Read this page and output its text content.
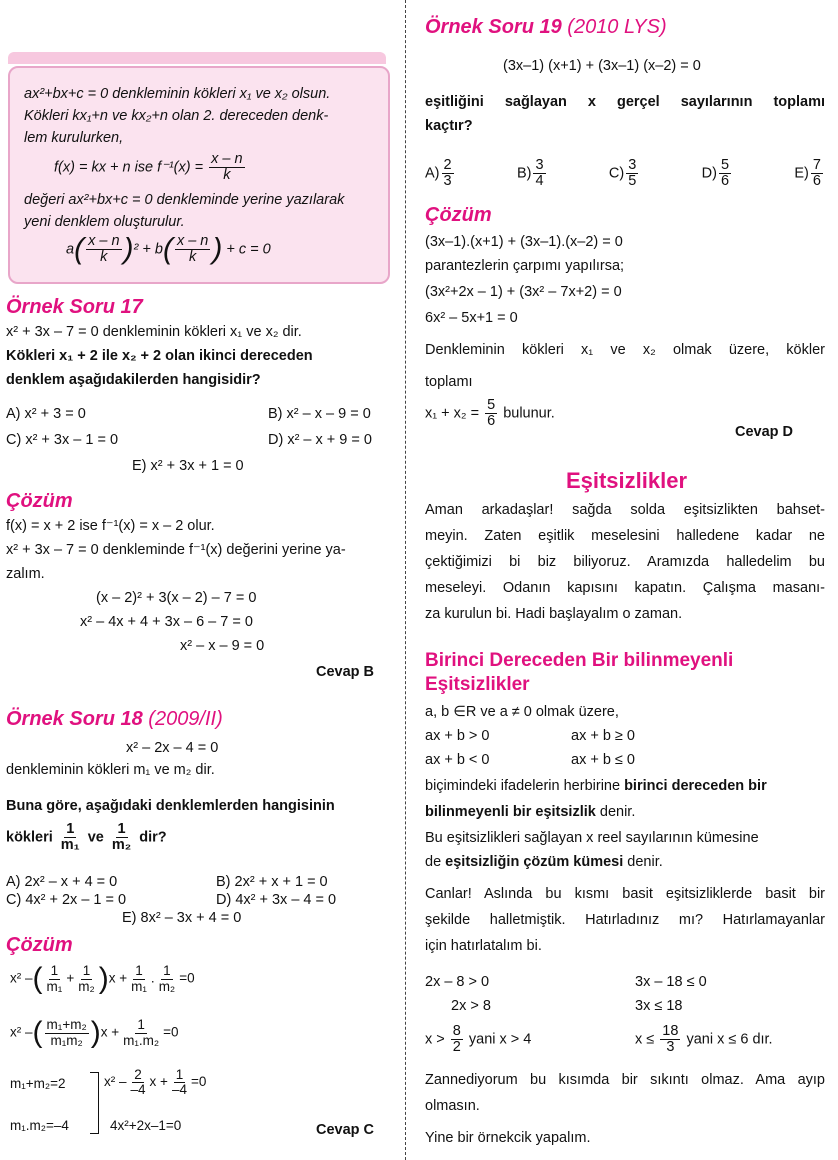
ax²+bx+c = 0 denkleminin kökleri x₁ ve x₂ olsun.
Kökleri kx₁+n ve kx₂+n olan 2. dereceden denk-
lem kurulurken,
f(x) = kx + n ise $f^{-1}(x) = \frac{x - n}{k}$
değeri ax²+bx+c = 0 denkleminde yerine yazılarak
yeni denklem oluşturulur.
$a( \frac{x - n}{k} )^2 + b( \frac{x - n}{k}$ ) + c = 0
Örnek Soru 17
x² + 3x – 7 = 0 denkleminin kökleri x₁ ve x₂ dir.
Kökleri x₁ + 2 ile x₂ + 2 olan ikinci dereceden
denklem aşağıdakilerden hangisidir?
A) x² + 3 = 0	B) x² – x – 9 = 0
C) x² + 3x – 1 = 0	D) x² – x + 9 = 0
E) x² + 3x + 1 = 0
Çözüm
f(x) = x + 2 ise f⁻¹(x) = x – 2 olur.
x² + 3x – 7 = 0 denkleminde f⁻¹(x) değerini yerine ya-
zalım.
(x – 2)² + 3(x – 2) – 7 = 0
x² – 4x + 4 + 3x – 6 – 7 = 0
x² – x – 9 = 0
Cevap B
Örnek Soru 18 (2009/II)
x² – 2x – 4 = 0
denkleminin kökleri m₁ ve m₂ dir.
Buna göre, aşağıdaki denklemlerden hangisinin
kökleri $\frac{1}{\text{m₁}}$ ve $\frac{1}{\text{m₂}}$ dir?
A) 2x² – x + 4 = 0	B) 2x² + x + 1 = 0
C) 4x² + 2x – 1 = 0	D) 4x² + 3x – 4 = 0
E) 8x² – 3x + 4 = 0
Çözüm
x² –( $\frac{1}{\text{m₁}} + \frac{1}{\text{m₂}} )x + \frac{1}{\text{m₁}}$ . $\frac{1}{\text{m₂}} =0$
x² –( $\frac{\text{m₁+m₂}}{\text{m₁m₂}} )x + \frac{1}{\text{m₁.m₂}} =0$
m₁+m₂=2	$x^2 - \frac{2}{-4}$ $x + \frac{1}{-4} =0$
m₁.m₂=–4	4x²+2x–1=0	Cevap C
Örnek Soru 19 (2010 LYS)
(3x–1) (x+1) + (3x–1) (x–2) = 0
eşitliğini sağlayan x gerçel sayılarının toplamı
kaçtır?
$A) \frac{2}{3}$	$B) \frac{3}{4}$	$C) \frac{3}{5}$	$D) \frac{5}{6}$	$E) \frac{7}{6}$
Çözüm
(3x–1).(x+1) + (3x–1).(x–2) = 0
parantezlerin çarpımı yapılırsa;
(3x²+2x – 1) + (3x² – 7x+2) = 0
6x² – 5x+1 = 0
Denkleminin kökleri x₁ ve x₂ olmak üzere, kökler
toplamı
$x_1 + x_2 = \frac{5}{6}$ bulunur.
Cevap D
Eşitsizlikler
Aman arkadaşlar! sağda solda eşitsizlikten bahset-
meyin. Zaten eşitlik meselesini halledene kadar ne
çektiğimizi bi biz biliyoruz. Aramızda halledelim bu
meseleyi. Odanın kapısını kapatın. Çalışma masanı-
za kurulun bi. Hadi başlayalım o zaman.
Birinci Dereceden Bir bilinmeyenli
Eşitsizlikler
a, b ∈R ve a ≠ 0 olmak üzere,
ax + b > 0	ax + b ≥ 0
ax + b < 0	ax + b ≤ 0
biçimindeki ifadelerin herbirine birinci dereceden bir
bilinmeyenli bir eşitsizlik denir.
Bu eşitsizlikleri sağlayan x reel sayılarının kümesine
de eşitsizliğin çözüm kümesi denir.
Canlar! Aslında bu kısmı basit eşitsizliklerde basit bir
şekilde halletmiştik. Hatırladınız mı? Hatırlamayanlar
için hatırlatalım bi.
2x – 8 > 0	3x – 18 ≤ 0
2x > 8	3x ≤ 18
$x > \frac{8}{2}$ yani x > 4	$x \le \frac{18}{3}$ yani x ≤ 6 dır.
Zannediyorum bu kısımda bir sıkıntı olmaz. Ama ayıp
olmasın.
Yine bir örnekcik yapalım.
